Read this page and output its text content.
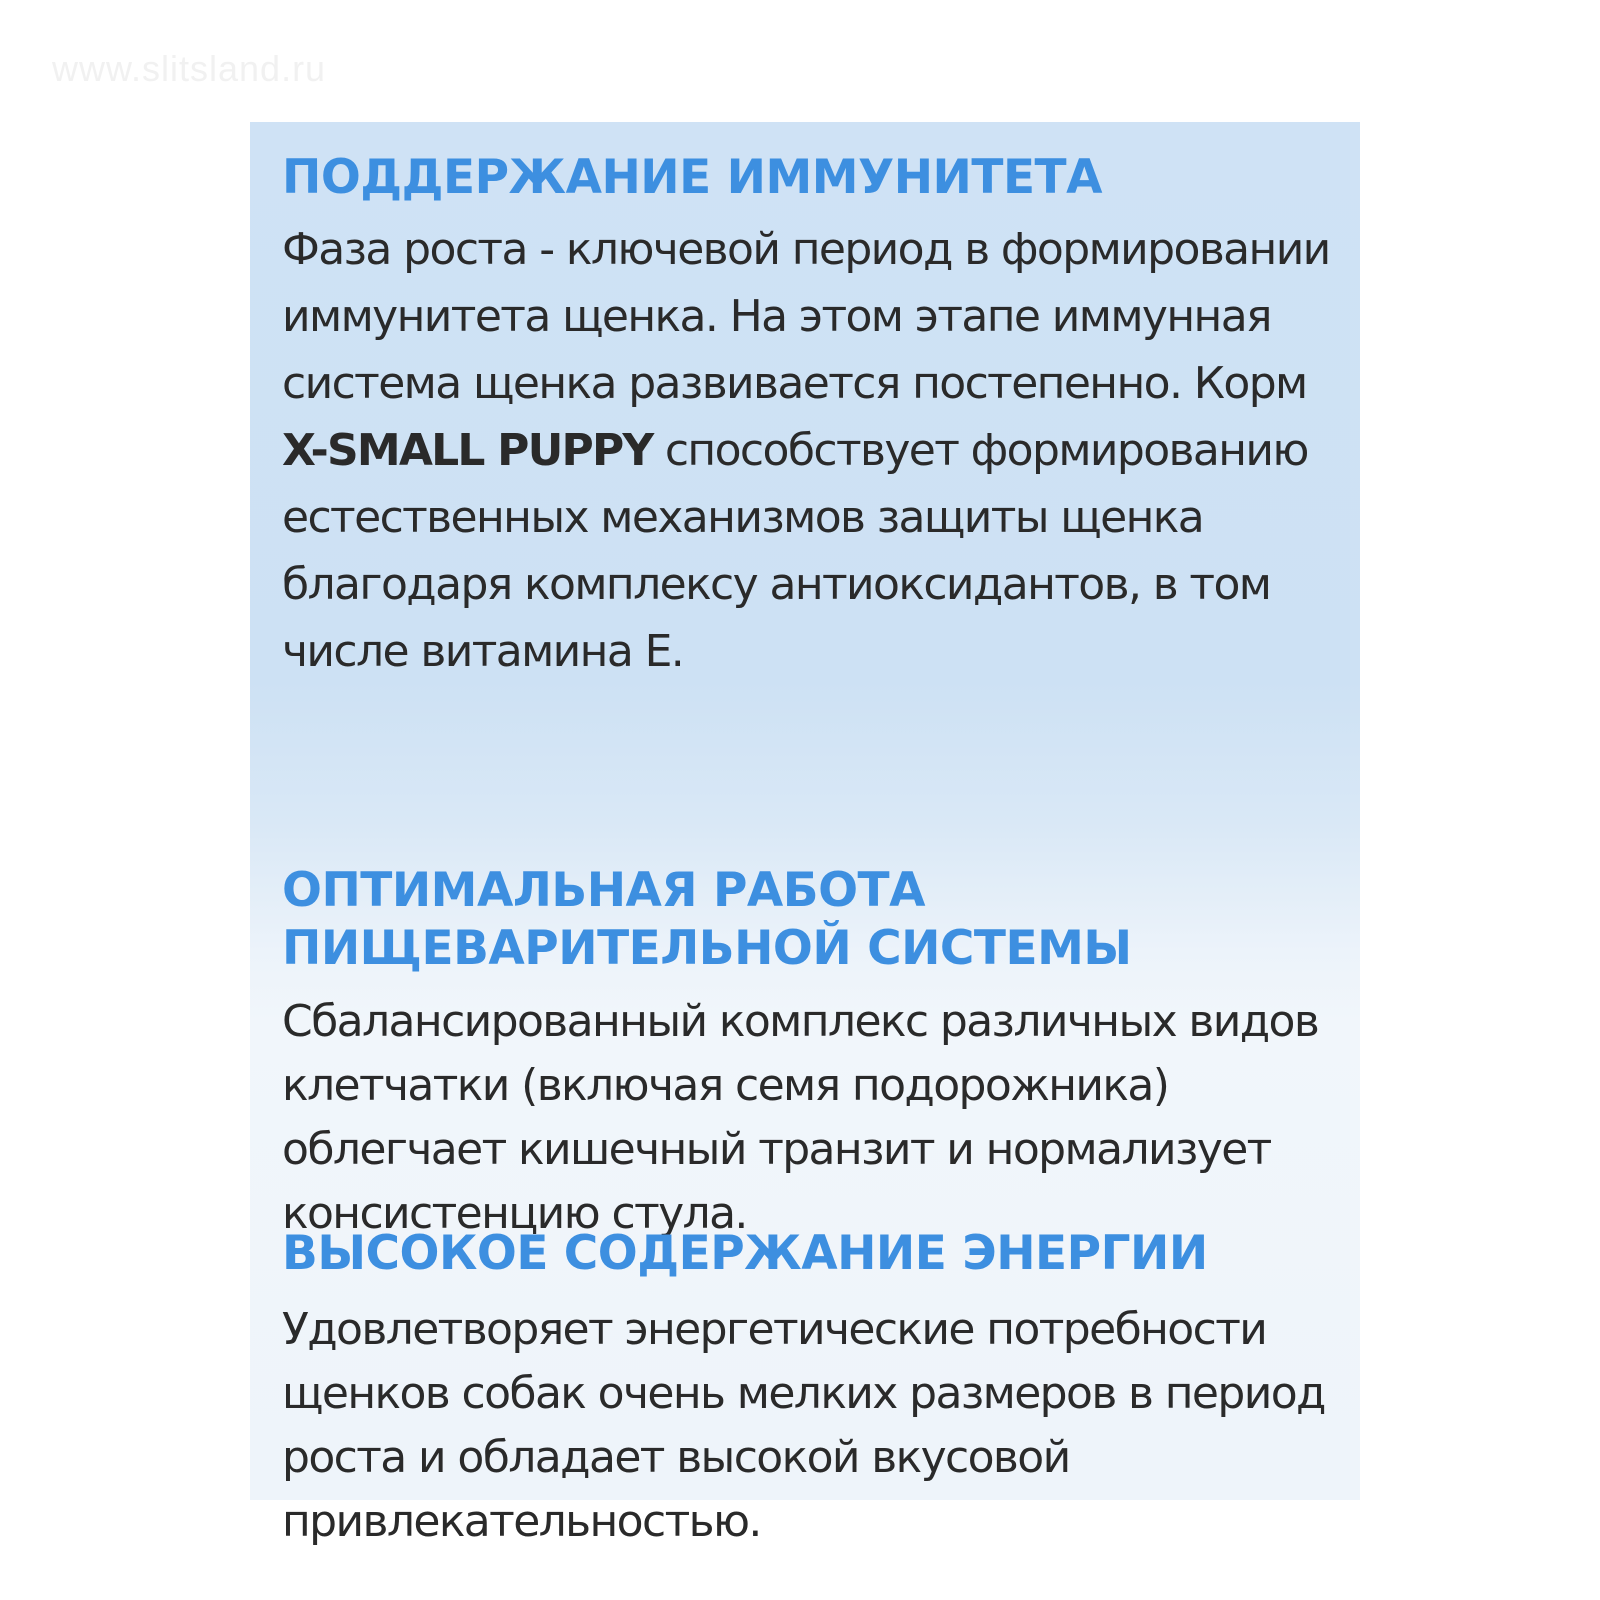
www.slitsland.ru
ПОДДЕРЖАНИЕ ИММУНИТЕТА

Фаза роста - ключевой период в формировании иммунитета щенка. На этом этапе иммунная система щенка развивается постепенно. Корм X-SMALL PUPPY способствует формированию естественных механизмов защиты щенка благодаря комплексу антиоксидантов, в том числе витамина Е.

ОПТИМАЛЬНАЯ РАБОТА ПИЩЕВАРИТЕЛЬНОЙ СИСТЕМЫ

Сбалансированный комплекс различных видов клетчатки (включая семя подорожника) облегчает кишечный транзит и нормализует консистенцию стула.

ВЫСОКОЕ СОДЕРЖАНИЕ ЭНЕРГИИ

Удовлетворяет энергетические потребности щенков собак очень мелких размеров в период роста и обладает высокой вкусовой привлекательностью.
